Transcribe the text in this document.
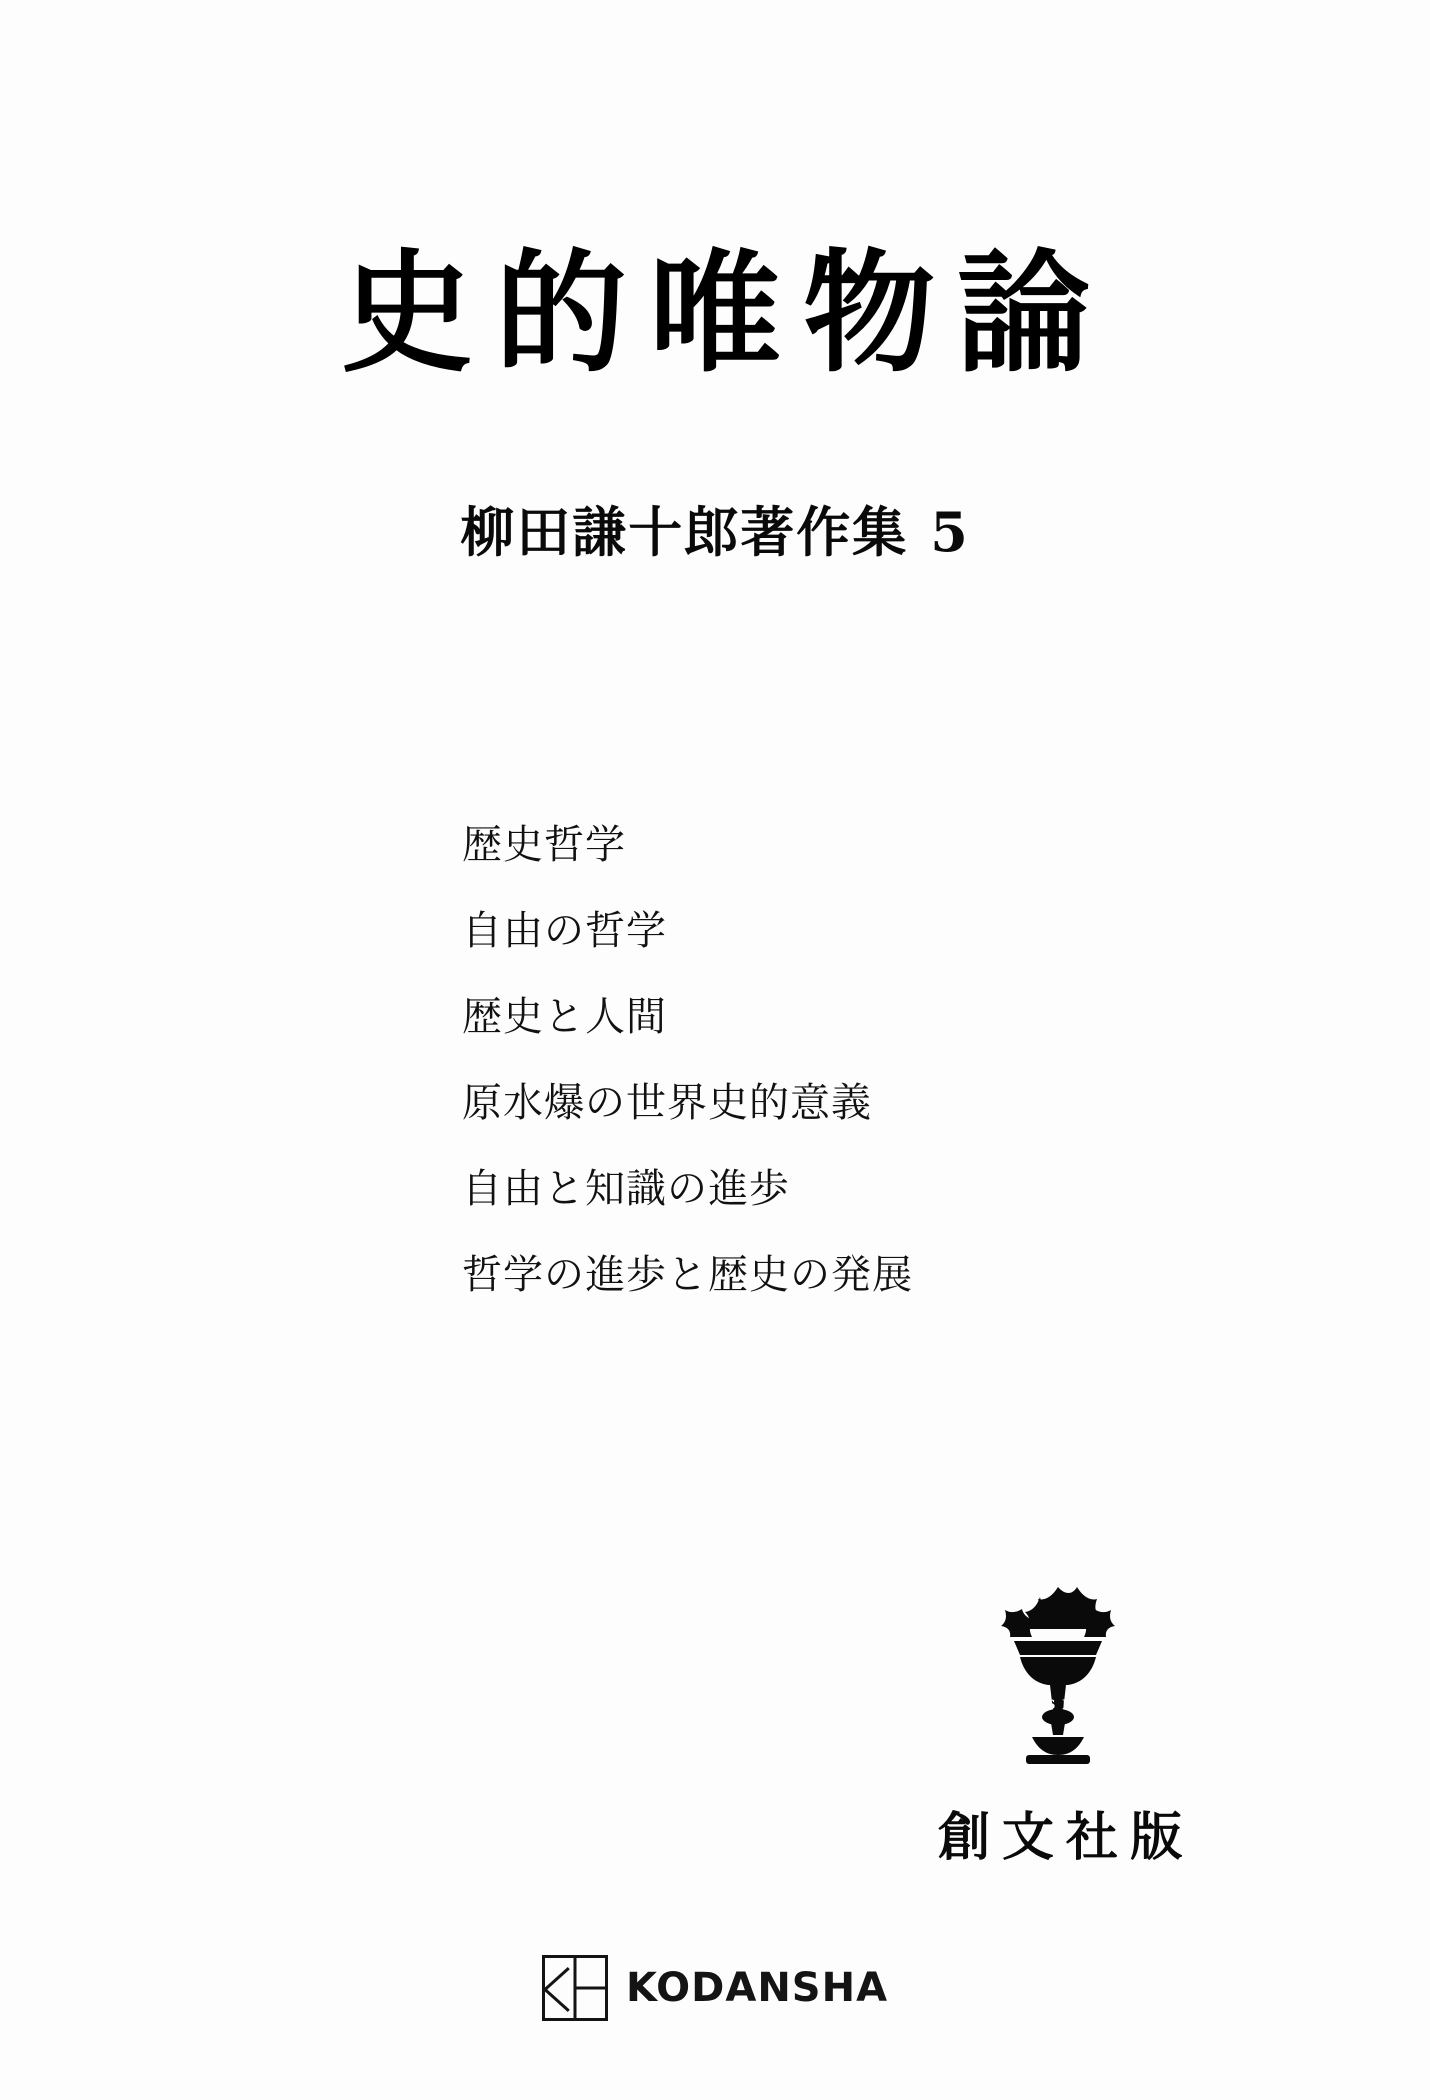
史的唯物論
柳田謙十郎著作集 5
歴史哲学
自由の哲学
歴史と人間
原水爆の世界史的意義
自由と知識の進歩
哲学の進歩と歴史の発展
S B
創文社版
KODANSHA
